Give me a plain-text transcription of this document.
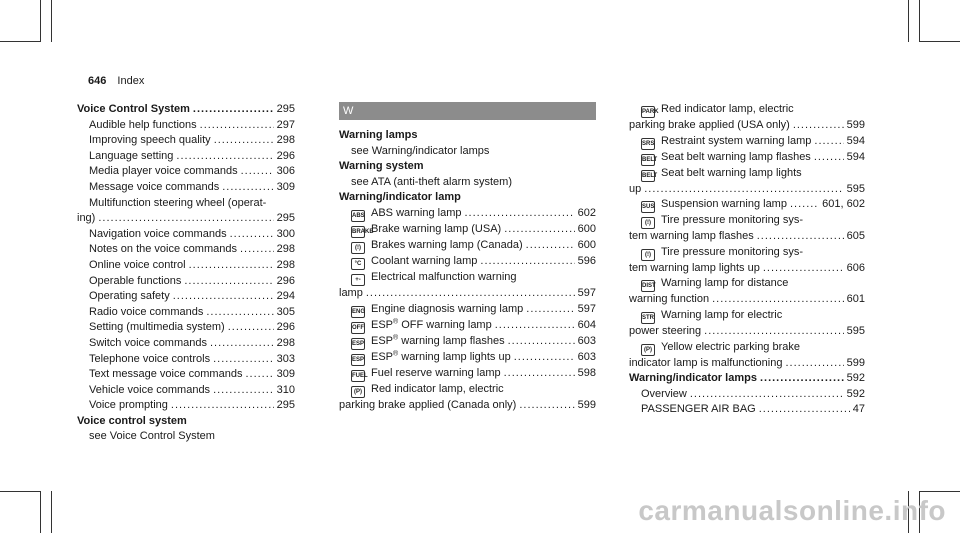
646 Index
Voice Control System .....	295
Audible help functions .....	297
Improving speech quality .....	298
Language setting .....	296
Media player voice commands .....	306
Message voice commands .....	309
Multifunction steering wheel (operat-
ing) .....	295
Navigation voice commands .....	300
Notes on the voice commands .....	298
Online voice control .....	298
Operable functions .....	296
Operating safety .....	294
Radio voice commands .....	305
Setting (multimedia system) .....	296
Switch voice commands .....	298
Telephone voice controls .....	303
Text message voice commands .....	309
Vehicle voice commands .....	310
Voice prompting .....	295
Voice control system
see Voice Control System
W
Warning lamps
see Warning/indicator lamps
Warning system
see ATA (anti-theft alarm system)
Warning/indicator lamp
ABS ABS warning lamp .....	602
BRAKEBrake warning lamp (USA) .....	600
(!) Brakes warning lamp (Canada) .....	600
°C Coolant warning lamp .....	596
+- Electrical malfunction warning
lamp .....	597
ENG Engine diagnosis warning lamp .....	597
OFF ESP® OFF warning lamp .....	604
ESP ESP® warning lamp flashes .....	603
ESP ESP® warning lamp lights up .....	603
FUEL Fuel reserve warning lamp .....	598
(P) Red indicator lamp, electric
parking brake applied (Canada only) .....	599
PARK Red indicator lamp, electric
parking brake applied (USA only) .....	599
SRS Restraint system warning lamp .....	594
BELT Seat belt warning lamp flashes .....	594
BELT Seat belt warning lamp lights
up .....	595
SUS Suspension warning lamp .....	601, 602
(!) Tire pressure monitoring sys-
tem warning lamp flashes .....	605
(!) Tire pressure monitoring sys-
tem warning lamp lights up .....	606
DIST Warning lamp for distance
warning function .....	601
STR Warning lamp for electric
power steering .....	595
(P) Yellow electric parking brake
indicator lamp is malfunctioning .....	599
Warning/indicator lamps .....	592
Overview .....	592
PASSENGER AIR BAG .....	47
carmanualsonline.info
